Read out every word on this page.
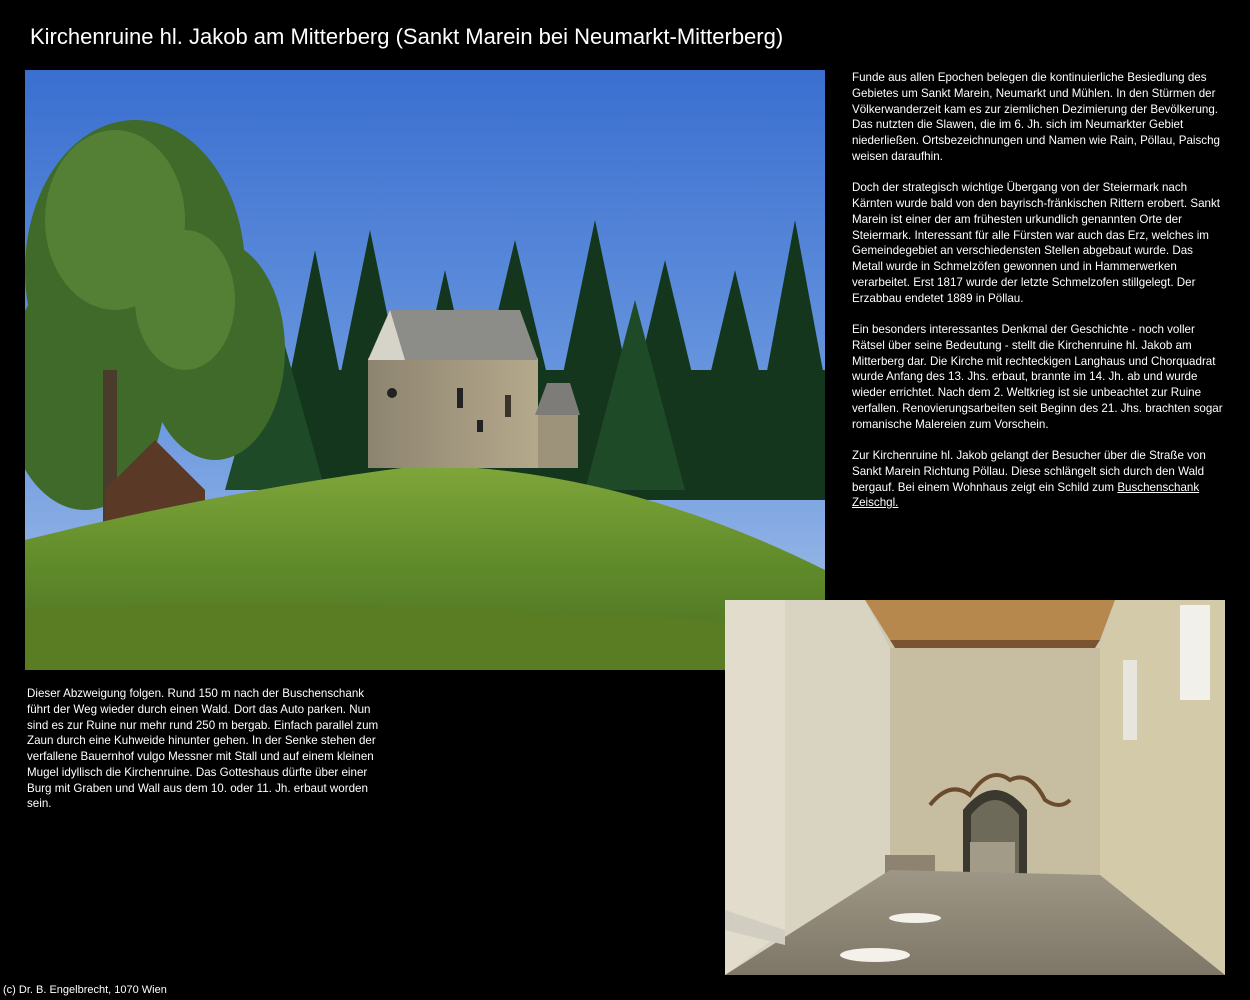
Kirchenruine hl. Jakob am Mitterberg (Sankt Marein bei Neumarkt-Mitterberg)

Funde aus allen Epochen belegen die kontinuierliche Besiedlung des Gebietes um Sankt Marein, Neumarkt und Mühlen. In den Stürmen der Völkerwanderzeit kam es zur ziemlichen Dezimierung der Bevölkerung. Das nutzten die Slawen, die im 6. Jh. sich im Neumarkter Gebiet niederließen. Ortsbezeichnungen und Namen wie Rain, Pöllau, Paischg weisen daraufhin.

Doch der strategisch wichtige Übergang von der Steiermark nach Kärnten wurde bald von den bayrisch-fränkischen Rittern erobert. Sankt Marein ist einer der am frühesten urkundlich genannten Orte der Steiermark. Interessant für alle Fürsten war auch das Erz, welches im Gemeindegebiet an verschiedensten Stellen abgebaut wurde. Das Metall wurde in Schmelzöfen gewonnen und in Hammerwerken verarbeitet. Erst 1817 wurde der letzte Schmelzofen stillgelegt. Der Erzabbau endetet 1889 in Pöllau.

Ein besonders interessantes Denkmal der Geschichte - noch voller Rätsel über seine Bedeutung - stellt die Kirchenruine hl. Jakob am Mitterberg dar. Die Kirche mit rechteckigen Langhaus und Chorquadrat wurde Anfang des 13. Jhs. erbaut, brannte im 14. Jh. ab und wurde wieder errichtet. Nach dem 2. Weltkrieg ist sie unbeachtet zur Ruine verfallen. Renovierungsarbeiten seit Beginn des 21. Jhs. brachten sogar romanische Malereien zum Vorschein.

Zur Kirchenruine hl. Jakob gelangt der Besucher über die Straße von Sankt Marein Richtung Pöllau. Diese schlängelt sich durch den Wald bergauf. Bei einem Wohnhaus zeigt ein Schild zum Buschenschank Zeischgl.

Dieser Abzweigung folgen. Rund 150 m nach der Buschenschank führt der Weg wieder durch einen Wald. Dort das Auto parken. Nun sind es zur Ruine nur mehr rund 250 m bergab. Einfach parallel zum Zaun durch eine Kuhweide hinunter gehen. In der Senke stehen der verfallene Bauernhof vulgo Messner mit Stall und auf einem kleinen Mugel idyllisch die Kirchenruine. Das Gotteshaus dürfte über einer Burg mit Graben und Wall aus dem 10. oder 11. Jh. erbaut worden sein.

(c) Dr. B. Engelbrecht, 1070 Wien
